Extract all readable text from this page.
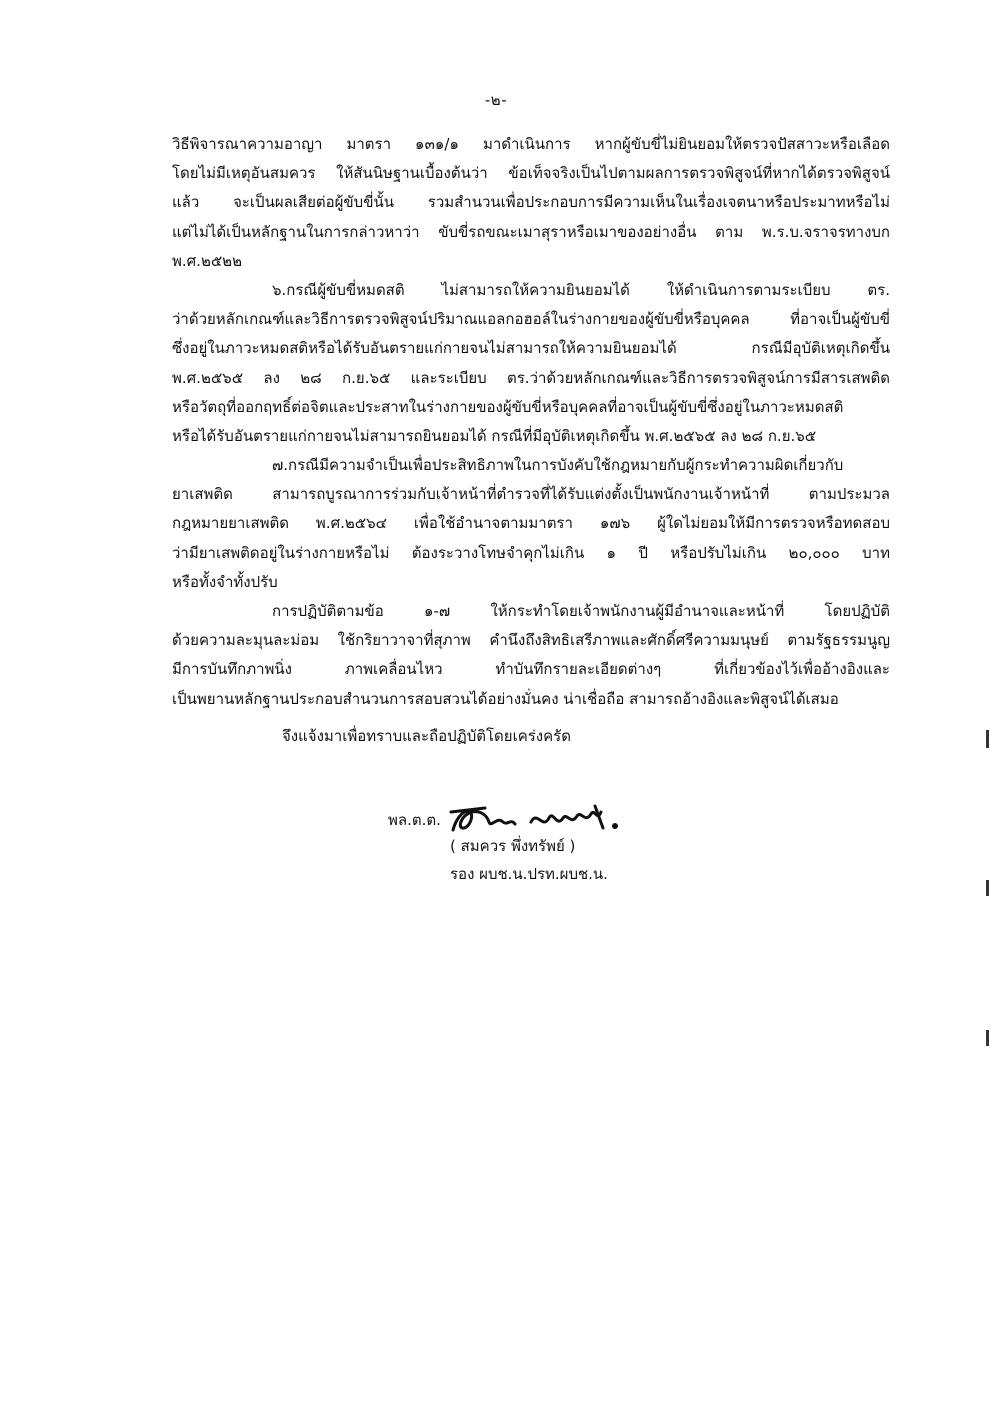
-๒-
วิธีพิจารณาความอาญา มาตรา ๑๓๑/๑ มาดำเนินการ หากผู้ขับขี่ไม่ยินยอมให้ตรวจปัสสาวะหรือเลือด
โดยไม่มีเหตุอันสมควร ให้สันนิษฐานเบื้องต้นว่า ข้อเท็จจริงเป็นไปตามผลการตรวจพิสูจน์ที่หากได้ตรวจพิสูจน์
แล้ว จะเป็นผลเสียต่อผู้ขับขี่นั้น รวมสำนวนเพื่อประกอบการมีความเห็นในเรื่องเจตนาหรือประมาทหรือไม่
แต่ไม่ได้เป็นหลักฐานในการกล่าวหาว่า ขับขี่รถขณะเมาสุราหรือเมาของอย่างอื่น ตาม พ.ร.บ.จราจรทางบก
พ.ศ.๒๕๒๒
๖.กรณีผู้ขับขี่หมดสติ ไม่สามารถให้ความยินยอมได้ ให้ดำเนินการตามระเบียบ ตร.
ว่าด้วยหลักเกณฑ์และวิธีการตรวจพิสูจน์ปริมาณแอลกอฮอล์ในร่างกายของผู้ขับขี่หรือบุคคล ที่อาจเป็นผู้ขับขี่
ซึ่งอยู่ในภาวะหมดสติหรือได้รับอันตรายแก่กายจนไม่สามารถให้ความยินยอมได้ กรณีมีอุบัติเหตุเกิดขึ้น
พ.ศ.๒๕๖๕ ลง ๒๘ ก.ย.๖๕ และระเบียบ ตร.ว่าด้วยหลักเกณฑ์และวิธีการตรวจพิสูจน์การมีสารเสพติด
หรือวัตถุที่ออกฤทธิ์ต่อจิตและประสาทในร่างกายของผู้ขับขี่หรือบุคคลที่อาจเป็นผู้ขับขี่ซึ่งอยู่ในภาวะหมดสติ
หรือได้รับอันตรายแก่กายจนไม่สามารถยินยอมได้ กรณีที่มีอุบัติเหตุเกิดขึ้น พ.ศ.๒๕๖๕ ลง ๒๘ ก.ย.๖๕
๗.กรณีมีความจำเป็นเพื่อประสิทธิภาพในการบังคับใช้กฎหมายกับผู้กระทำความผิดเกี่ยวกับ
ยาเสพติด สามารถบูรณาการร่วมกับเจ้าหน้าที่ตำรวจที่ได้รับแต่งตั้งเป็นพนักงานเจ้าหน้าที่ ตามประมวล
กฎหมายยาเสพติด พ.ศ.๒๕๖๔ เพื่อใช้อำนาจตามมาตรา ๑๗๖ ผู้ใดไม่ยอมให้มีการตรวจหรือทดสอบ
ว่ามียาเสพติดอยู่ในร่างกายหรือไม่ ต้องระวางโทษจำคุกไม่เกิน ๑ ปี หรือปรับไม่เกิน ๒๐,๐๐๐ บาท
หรือทั้งจำทั้งปรับ
การปฏิบัติตามข้อ ๑-๗ ให้กระทำโดยเจ้าพนักงานผู้มีอำนาจและหน้าที่ โดยปฏิบัติ
ด้วยความละมุนละม่อม ใช้กริยาวาจาที่สุภาพ คำนึงถึงสิทธิเสรีภาพและศักดิ์ศรีความมนุษย์ ตามรัฐธรรมนูญ
มีการบันทึกภาพนิ่ง ภาพเคลื่อนไหว ทำบันทึกรายละเอียดต่างๆ ที่เกี่ยวข้องไว้เพื่ออ้างอิงและ
เป็นพยานหลักฐานประกอบสำนวนการสอบสวนได้อย่างมั่นคง น่าเชื่อถือ สามารถอ้างอิงและพิสูจน์ได้เสมอ
จึงแจ้งมาเพื่อทราบและถือปฏิบัติโดยเคร่งครัด
พล.ต.ต.
( สมควร พึ่งทรัพย์ )
รอง ผบช.น.ปรท.ผบช.น.
